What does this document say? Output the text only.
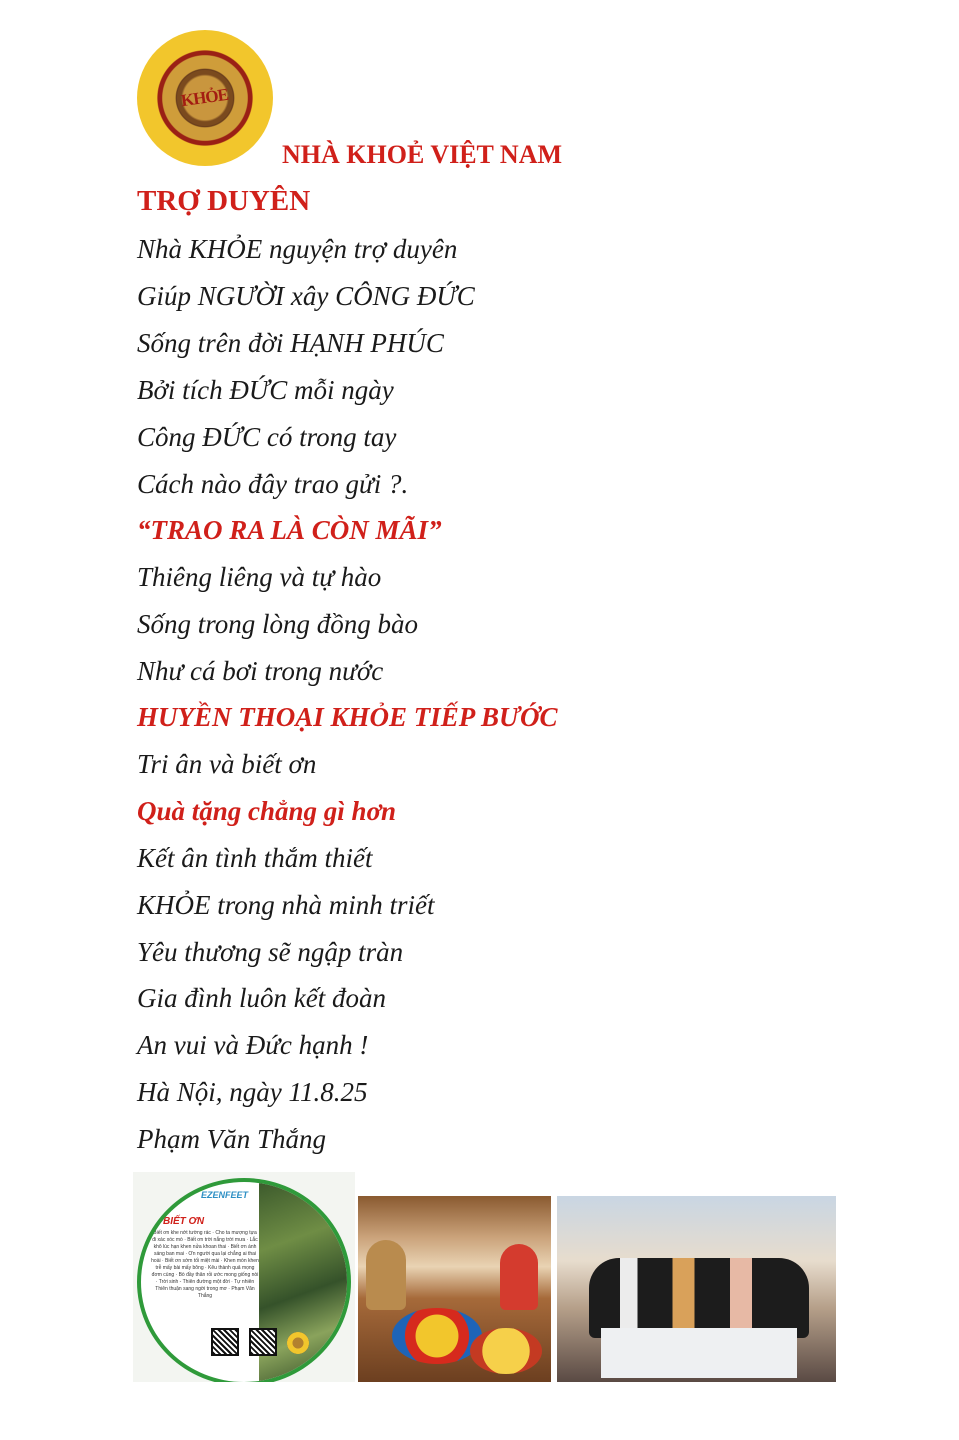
KHỎE
NHÀ KHOẺ VIỆT NAM
TRỢ DUYÊN
Nhà KHỎE nguyện trợ duyên
Giúp NGƯỜI xây CÔNG ĐỨC
Sống trên đời HẠNH PHÚC
Bởi tích ĐỨC mỗi ngày
Công ĐỨC có trong tay
Cách nào đây trao gửi ?.
“TRAO RA LÀ CÒN MÃI”
Thiêng liêng và tự hào
Sống trong lòng đồng bào
Như cá bơi trong nước
HUYỀN THOẠI KHỎE TIẾP BƯỚC
Tri ân và biết ơn
Quà tặng chẳng gì hơn
Kết ân tình thắm thiết
KHỎE trong nhà minh triết
Yêu thương sẽ ngập tràn
Gia đình luôn kết đoàn
An vui và Đức hạnh !
Hà Nội, ngày 11.8.25
Phạm Văn Thắng
EZENFEET
BIẾT ƠN
Biết ơn khe nớt tường rác · Cho ta mượng tựa đi xác xóc mò · Biết ơn trời nắng trời mưa · Lắc khô lúc hạn khen nửa khoan thai · Biết ơn ánh sáng ban mai · Ơn người qua lại chẳng ai thai hoài · Biết ơn sớm tối miệt mài · Khen mòn khen trễ mấy bài mấy bông · Kêu thành quả mọng đơm cùng · Bò đầy thân rỏi ước mong giống nòi · Trời sinh - Thiên đường một đời · Tự nhiên Thiên thuận sang ngời trong mơ · Phạm Văn Thắng
